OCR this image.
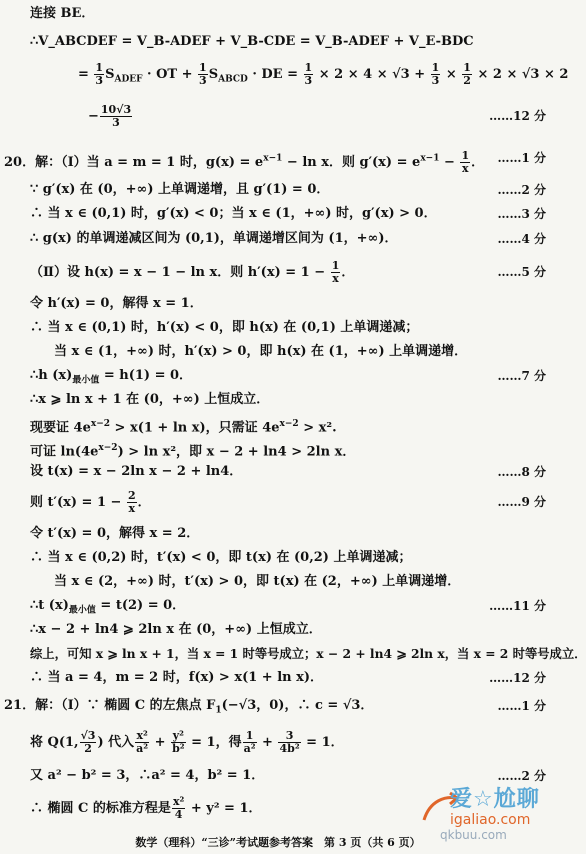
连接 BE．
∴V_ABCDEF = V_B-ADEF + V_B-CDE = V_B-ADEF + V_E-BDC
= $\frac{1}{3} S_{ADEF}$ · OT + $\frac{1}{3} S_{ABCD}$ · DE = $\frac{1}{3} \times 2 \times 4 \times √3 + \frac{1}{3} \times \frac{1}{2} \times 2 \times √3 \times 2$
− $\frac{10√3}{3}$	……12 分
20．解：（Ⅰ）当 a = m = 1 时，$g(x) = e^{x-1} - \ln x$．则 $g'(x) = e^{x-1} - \frac{1}{x}$ ． ……1 分
∵ g′(x) 在 (0，+∞) 上单调递增，且 g′(1) = 0．	……2 分
∴ 当 x ∈ (0,1) 时，g′(x) < 0；当 x ∈ (1，+∞) 时，g′(x) > 0．	……3 分
∴ g(x) 的单调递减区间为 (0,1)，单调递增区间为 (1，+∞)．	……4 分
（Ⅱ）设 h(x) = x − 1 − ln x．则 $h'(x) = 1 - \frac{1}{x}$ ．	……5 分
令 h′(x) = 0，解得 x = 1．
∴ 当 x ∈ (0,1) 时，h′(x) < 0，即 h(x) 在 (0,1) 上单调递减；
当 x ∈ (1，+∞) 时，h′(x) > 0，即 h(x) 在 (1，+∞) 上单调递增．
∴h $(x)_{最小值} = h(1) = 0$．	……7 分
∴x ⩾ ln x + 1 在 (0，+∞) 上恒成立．
现要证 $4e^{x-2} > x(1 + \ln x)$，只需证 $4e^{x-2} > x^2$.
可证 $\ln(4e^{x-2}) > \ln x^2$，即 x − 2 + ln4 > 2ln x．
设 t(x) = x − 2ln x − 2 + ln4．	……8 分
则 $t'(x) = 1 - \frac{2}{x}$ ．	……9 分
令 t′(x) = 0，解得 x = 2．
∴ 当 x ∈ (0,2) 时，t′(x) < 0，即 t(x) 在 (0,2) 上单调递减；
当 x ∈ (2，+∞) 时，t′(x) > 0，即 t(x) 在 (2，+∞) 上单调递增．
∴t $(x)_{最小值} = t(2) = 0$．	……11 分
∴x − 2 + ln4 ⩾ 2ln x 在 (0，+∞) 上恒成立．
综上，可知 x ⩾ ln x + 1，当 x = 1 时等号成立；x − 2 + ln4 ⩾ 2ln x，当 x = 2 时等号成立．
∴ 当 a = 4，m = 2 时，f(x) > x(1 + ln x)．	……12 分
21．解：（Ⅰ）∵ 椭圆 C 的左焦点 $F_1(-√3$，0)，∴ c = √3．	……1 分
将 Q(1, $\frac{√3}{2}$ ) 代入 $\frac{\text{x²}}{\text{a²}} + \frac{\text{y²}}{\text{b²}} = 1$，得 $\frac{1}{\text{a²}} + \frac{3}{\text{4b²}} = 1$．
又 a² − b² = 3，∴a² = 4，b² = 1．	……2 分
∴ 椭圆 C 的标准方程是 $\frac{\text{x²}}{4} + y^2 = 1$．
数学（理科）“三诊”考试题参考答案　第 3 页（共 6 页）
爱☆尬聊
igaliao.com
qkbuu.com
